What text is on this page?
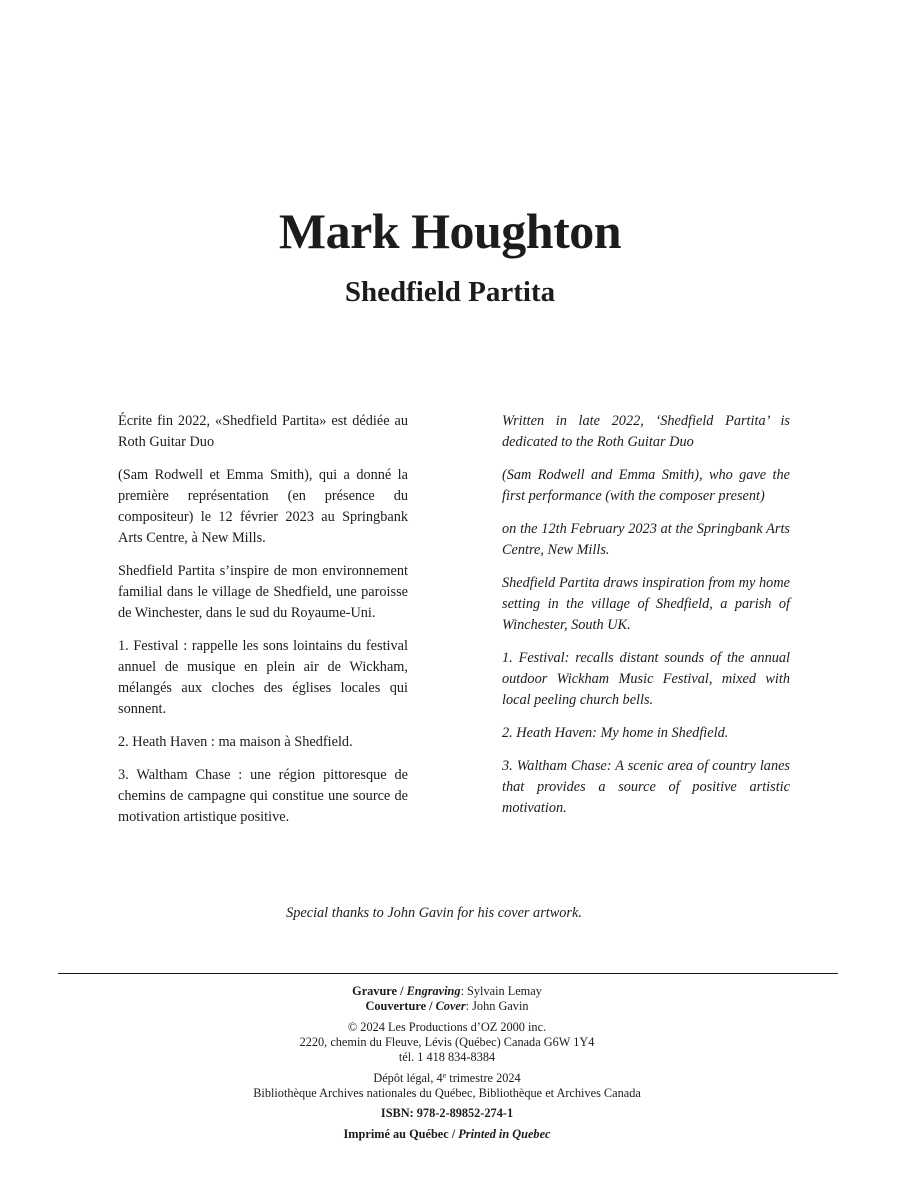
Mark Houghton
Shedfield Partita

Écrite fin 2022, «Shedfield Partita» est dédiée au Roth Guitar Duo

(Sam Rodwell et Emma Smith), qui a donné la première représentation (en présence du compositeur) le 12 février 2023 au Springbank Arts Centre, à New Mills.

Shedfield Partita s’inspire de mon environnement familial dans le village de Shedfield, une paroisse de Winchester, dans le sud du Royaume-Uni.

1. Festival : rappelle les sons lointains du festival annuel de musique en plein air de Wickham, mélangés aux cloches des églises locales qui sonnent.

2. Heath Haven : ma maison à Shedfield.

3. Waltham Chase : une région pittoresque de chemins de campagne qui constitue une source de motivation artistique positive.

Written in late 2022, ‘Shedfield Partita’ is dedicated to the Roth Guitar Duo

(Sam Rodwell and Emma Smith), who gave the first performance (with the composer present)

on the 12th February 2023 at the Springbank Arts Centre, New Mills.

Shedfield Partita draws inspiration from my home setting in the village of Shedfield, a parish of Winchester, South UK.

1. Festival: recalls distant sounds of the annual outdoor Wickham Music Festival, mixed with local peeling church bells.

2. Heath Haven: My home in Shedfield.

3. Waltham Chase: A scenic area of country lanes that provides a source of positive artistic motivation.

Special thanks to John Gavin for his cover artwork.
Gravure / Engraving: Sylvain Lemay
Couverture / Cover: John Gavin
© 2024 Les Productions d’OZ 2000 inc.
2220, chemin du Fleuve, Lévis (Québec) Canada G6W 1Y4
tél. 1 418 834-8384
Dépôt légal, 4e trimestre 2024
Bibliothèque Archives nationales du Québec, Bibliothèque et Archives Canada
ISBN: 978-2-89852-274-1
Imprimé au Québec / Printed in Quebec
